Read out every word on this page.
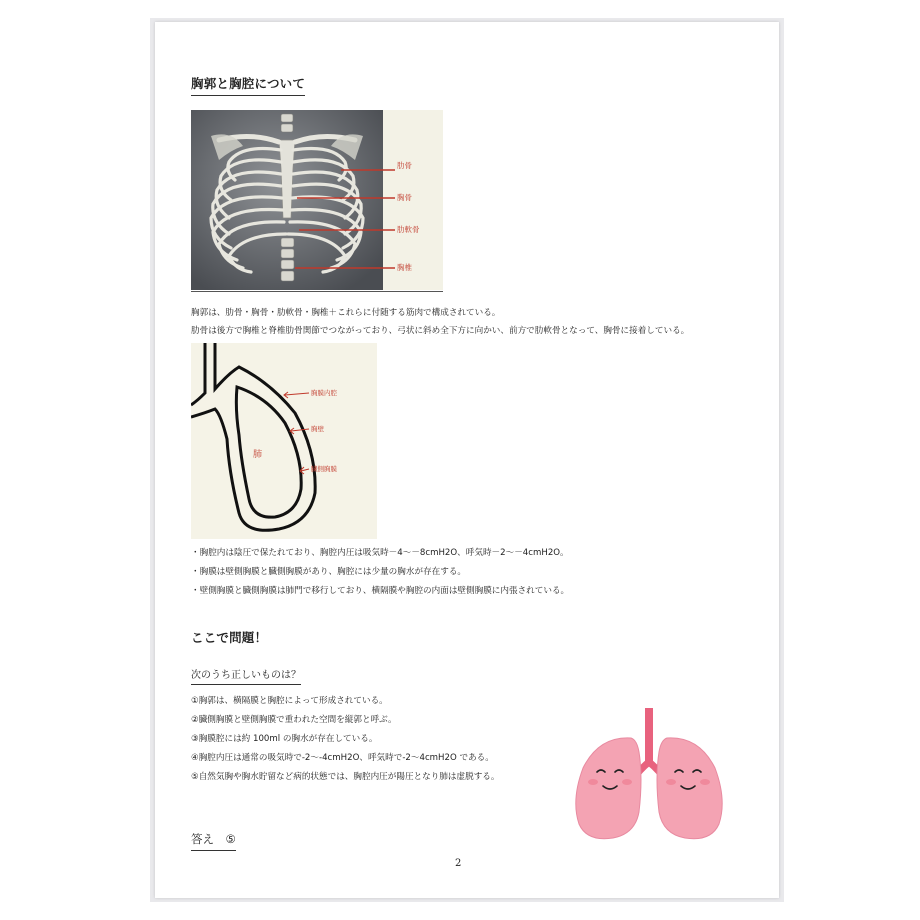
胸郭と胸腔について
肋骨
胸骨
肋軟骨
胸椎
胸郭は、肋骨・胸骨・肋軟骨・胸椎＋これらに付随する筋肉で構成されている。
肋骨は後方で胸椎と脊椎肋骨関節でつながっており、弓状に斜め全下方に向かい、前方で肋軟骨となって、胸骨に接着している。
胸膜内腔
胸壁
臓側胸膜
肺
・胸腔内は陰圧で保たれており、胸腔内圧は吸気時－4～－8cmH2O、呼気時－2～－4cmH2O。
・胸膜は壁側胸膜と臓側胸膜があり、胸腔には少量の胸水が存在する。
・壁側胸膜と臓側胸膜は肺門で移行しており、横隔膜や胸腔の内面は壁側胸膜に内張されている。
ここで問題！
次のうち正しいものは？
①胸郭は、横隔膜と胸腔によって形成されている。
②臓側胸膜と壁側胸膜で重われた空間を縦郭と呼ぶ。
③胸膜腔には約 100ml の胸水が存在している。
④胸腔内圧は通常の吸気時で-2〜-4cmH2O、呼気時で-2〜4cmH2O である。
⑤自然気胸や胸水貯留など病的状態では、胸腔内圧が陽圧となり肺は虚脱する。
答え　⑤
2
